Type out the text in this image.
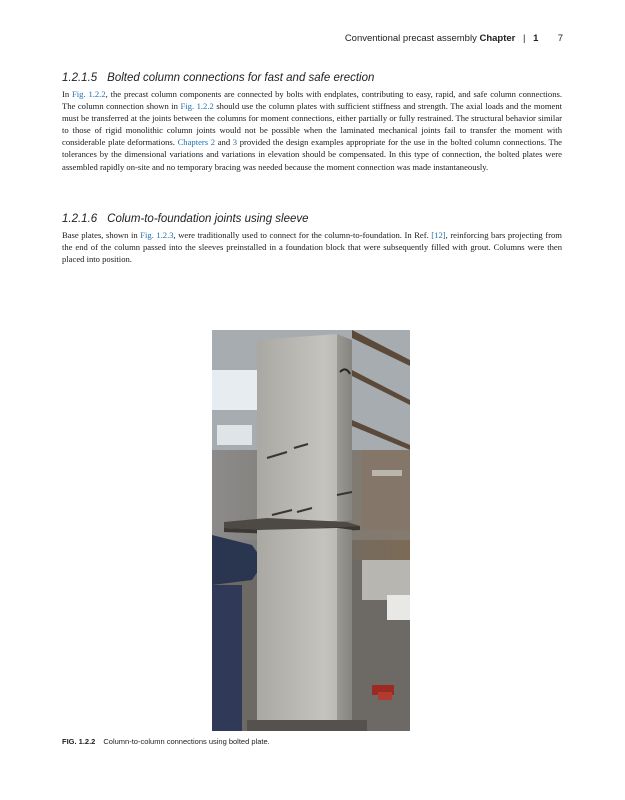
Conventional precast assembly Chapter | 1 7
1.2.1.5 Bolted column connections for fast and safe erection

In Fig. 1.2.2, the precast column components are connected by bolts with endplates, contributing to easy, rapid, and safe column connections. The column connection shown in Fig. 1.2.2 should use the column plates with sufficient stiffness and strength. The axial loads and the moment must be transferred at the joints between the columns for moment connections, either partially or fully restrained. The structural behavior similar to those of rigid monolithic column joints would not be possible when the laminated mechanical joints fail to transfer the moment with considerable plate deformations. Chapters 2 and 3 provided the design examples appropriate for the use in the bolted column connections. The tolerances by the dimensional variations and variations in elevation should be compensated. In this type of connection, the bolted plates were assembled rapidly on-site and no temporary bracing was needed because the moment connection was made instantaneously.

1.2.1.6 Colum-to-foundation joints using sleeve

Base plates, shown in Fig. 1.2.3, were traditionally used to connect for the column-to-foundation. In Ref. [12], reinforcing bars projecting from the end of the column passed into the sleeves preinstalled in a foundation block that were subsequently filled with grout. Columns were then placed into position.

FIG. 1.2.2 Column-to-column connections using bolted plate.
